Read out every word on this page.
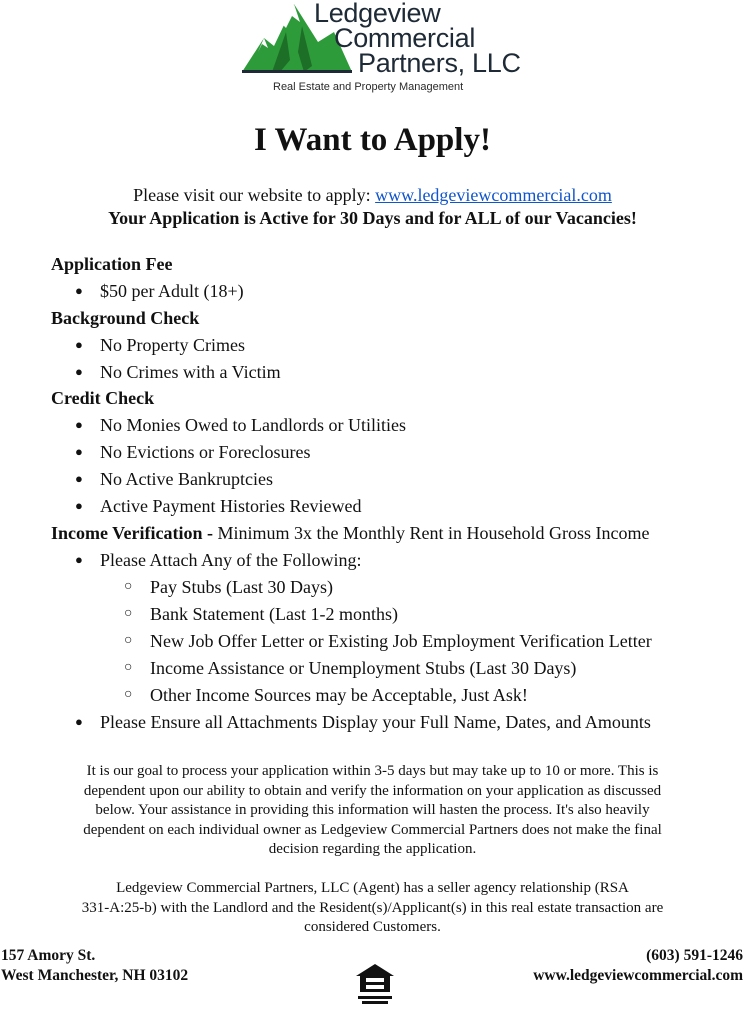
Ledgeview
Commercial
Partners, LLC
Real Estate and Property Management
I Want to Apply!
Please visit our website to apply: www.ledgeviewcommercial.com
Your Application is Active for 30 Days and for ALL of our Vacancies!
Application Fee
● $50 per Adult (18+)
Background Check
● No Property Crimes
● No Crimes with a Victim
Credit Check
● No Monies Owed to Landlords or Utilities
● No Evictions or Foreclosures
● No Active Bankruptcies
● Active Payment Histories Reviewed
Income Verification - Minimum 3x the Monthly Rent in Household Gross Income
● Please Attach Any of the Following:
○ Pay Stubs (Last 30 Days)
○ Bank Statement (Last 1-2 months)
○ New Job Offer Letter or Existing Job Employment Verification Letter
○ Income Assistance or Unemployment Stubs (Last 30 Days)
○ Other Income Sources may be Acceptable, Just Ask!
● Please Ensure all Attachments Display your Full Name, Dates, and Amounts
It is our goal to process your application within 3-5 days but may take up to 10 or more. This is
dependent upon our ability to obtain and verify the information on your application as discussed
below. Your assistance in providing this information will hasten the process. It's also heavily
dependent on each individual owner as Ledgeview Commercial Partners does not make the final
decision regarding the application.
Ledgeview Commercial Partners, LLC (Agent) has a seller agency relationship (RSA
331-A:25-b) with the Landlord and the Resident(s)/Applicant(s) in this real estate transaction are
considered Customers.
157 Amory St.
West Manchester, NH 03102
(603) 591-1246
www.ledgeviewcommercial.com
